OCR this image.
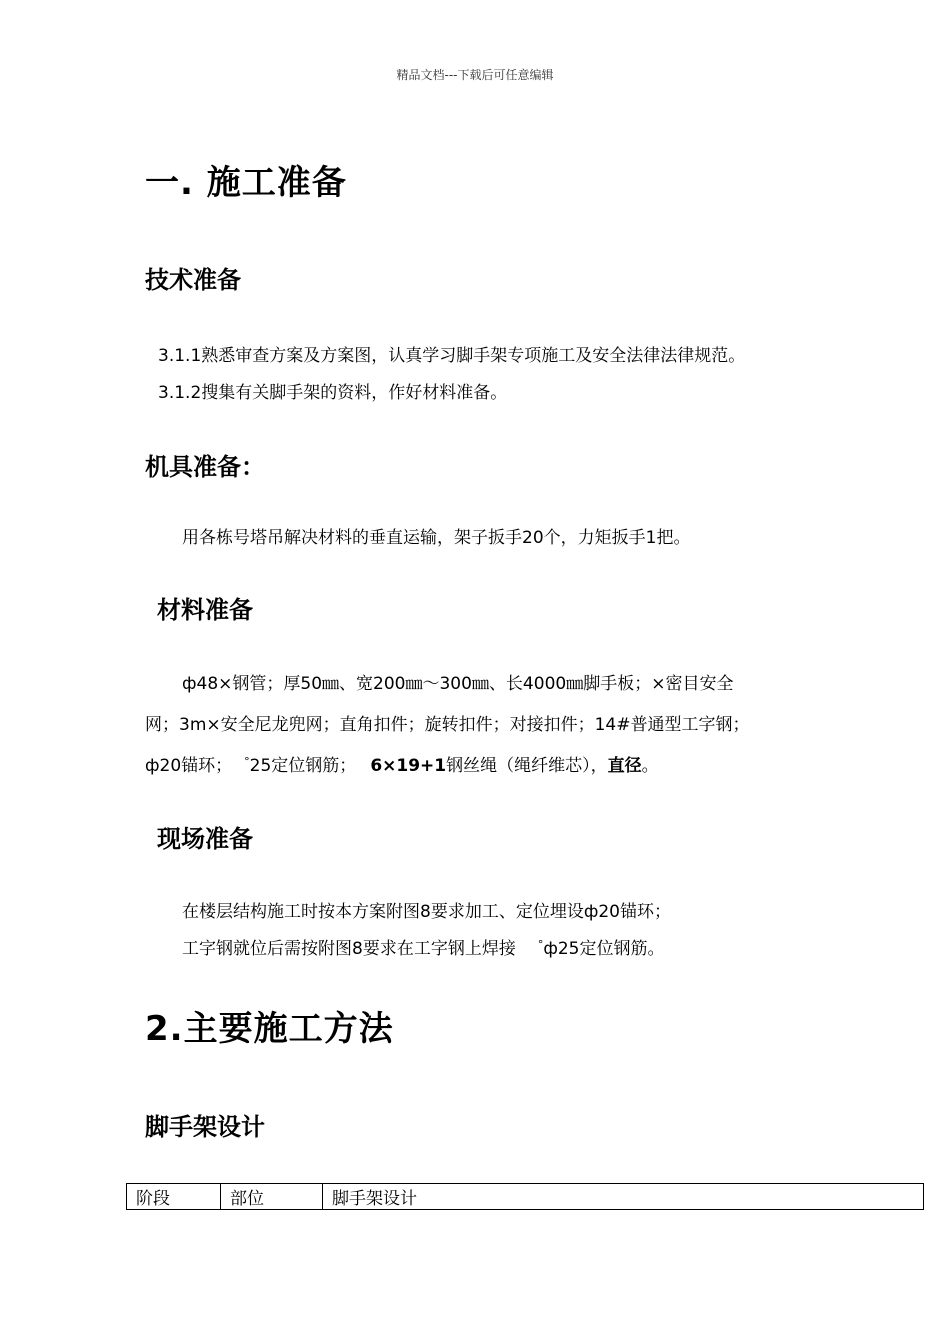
精品文档---下载后可任意编辑
一. 施工准备
技术准备
3.1.1熟悉审查方案及方案图，认真学习脚手架专项施工及安全法律法律规范。
3.1.2搜集有关脚手架的资料，作好材料准备。
机具准备：
用各栋号塔吊解决材料的垂直运输，架子扳手20个，力矩扳手1把。
材料准备
ф48×钢管；厚50㎜、宽200㎜～300㎜、长4000㎜脚手板；×密目安全
网；3m×安全尼龙兜网；直角扣件；旋转扣件；对接扣件；14#普通型工字钢；
ф20锚环； °25定位钢筋； 6×19+1钢丝绳（绳纤维芯），直径。
现场准备
在楼层结构施工时按本方案附图8要求加工、定位埋设ф20锚环；
工字钢就位后需按附图8要求在工字钢上焊接 °ф25定位钢筋。
2.主要施工方法
脚手架设计
阶段	部位	脚手架设计
